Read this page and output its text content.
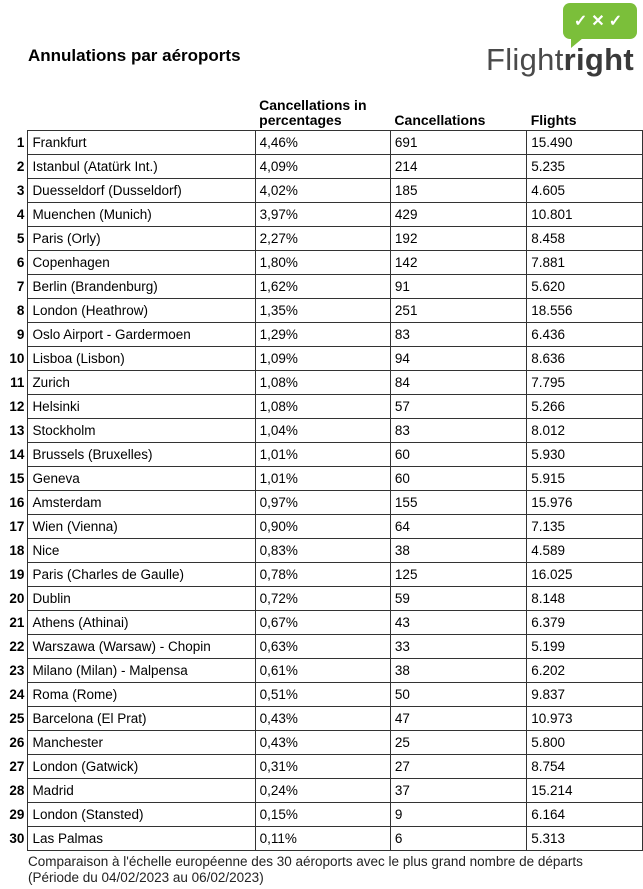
Annulations par aéroports
✓✕✓
Flightright
		Cancellations in percentages	Cancellations	Flights
1	Frankfurt	4,46%	691	15.490
2	Istanbul (Atatürk Int.)	4,09%	214	5.235
3	Duesseldorf (Dusseldorf)	4,02%	185	4.605
4	Muenchen (Munich)	3,97%	429	10.801
5	Paris (Orly)	2,27%	192	8.458
6	Copenhagen	1,80%	142	7.881
7	Berlin (Brandenburg)	1,62%	91	5.620
8	London (Heathrow)	1,35%	251	18.556
9	Oslo Airport - Gardermoen	1,29%	83	6.436
10	Lisboa (Lisbon)	1,09%	94	8.636
11	Zurich	1,08%	84	7.795
12	Helsinki	1,08%	57	5.266
13	Stockholm	1,04%	83	8.012
14	Brussels (Bruxelles)	1,01%	60	5.930
15	Geneva	1,01%	60	5.915
16	Amsterdam	0,97%	155	15.976
17	Wien (Vienna)	0,90%	64	7.135
18	Nice	0,83%	38	4.589
19	Paris (Charles de Gaulle)	0,78%	125	16.025
20	Dublin	0,72%	59	8.148
21	Athens (Athinai)	0,67%	43	6.379
22	Warszawa (Warsaw) - Chopin	0,63%	33	5.199
23	Milano (Milan) - Malpensa	0,61%	38	6.202
24	Roma (Rome)	0,51%	50	9.837
25	Barcelona (El Prat)	0,43%	47	10.973
26	Manchester	0,43%	25	5.800
27	London (Gatwick)	0,31%	27	8.754
28	Madrid	0,24%	37	15.214
29	London (Stansted)	0,15%	9	6.164
30	Las Palmas	0,11%	6	5.313
Comparaison à l'échelle européenne des 30 aéroports avec le plus grand nombre de départs
(Période du 04/02/2023 au 06/02/2023)
